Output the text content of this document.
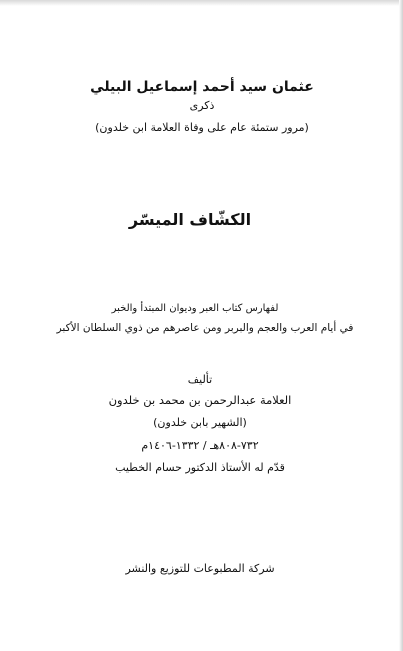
عثمان سيد أحمد إسماعيل البيلي
ذكرى
(مرور ستمئة عام على وفاة العلامة ابن خلدون)
الكشّاف الميسّر
لفهارس كتاب العبر وديوان المبتدأ والخبر
في أيام العرب والعجم والبربر ومن عاصرهم من ذوي السلطان الأكبر
تأليف
العلامة عبدالرحمن بن محمد بن خلدون
(الشهير بابن خلدون)
٧٣٢-٨٠٨هـ / ١٣٣٢-١٤٠٦م
قدّم له الأستاذ الدكتور حسام الخطيب
شركة المطبوعات للتوزيع والنشر
